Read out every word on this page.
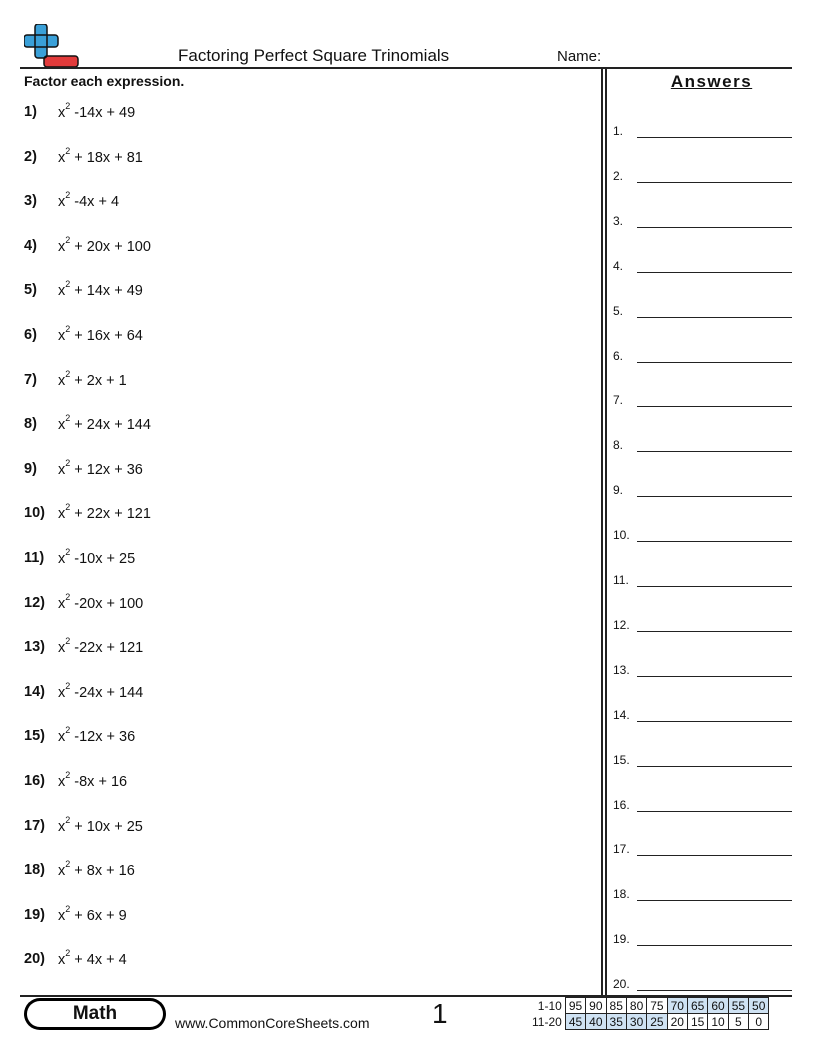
Factoring Perfect Square Trinomials	Name:
Factor each expression.	Answers
1)	$x^2$ -14x + 49
2)	$x^2 + 18x + 81$
3)	$x^2$ -4x + 4
4)	$x^2 + 20x + 100$
5)	$x^2 + 14x + 49$
6)	$x^2 + 16x + 64$
7)	$x^2 + 2x + 1$
8)	$x^2 + 24x + 144$
9)	$x^2 + 12x + 36$
10) $x^2 + 22x + 121$
11) $x^2$ -10x + 25
12) $x^2$ -20x + 100
13) $x^2$ -22x + 121
14) $x^2$ -24x + 144
15) $x^2$ -12x + 36
16) $x^2$ -8x + 16
17) $x^2 + 10x + 25$
18) $x^2 + 8x + 16$
19) $x^2 + 6x + 9$
20) $x^2 + 4x + 4$
1.
2.
3.
4.
5.
6.
7.
8.
9.
10.
11.
12.
13.
14.
15.
16.
17.
18.
19.
20.
Math	www.CommonCoreSheets.com 1	1-10	95	90	85	80	75	70	65	60	55	50
11-20	45	40	35	30	25	20	15	10	5	0
